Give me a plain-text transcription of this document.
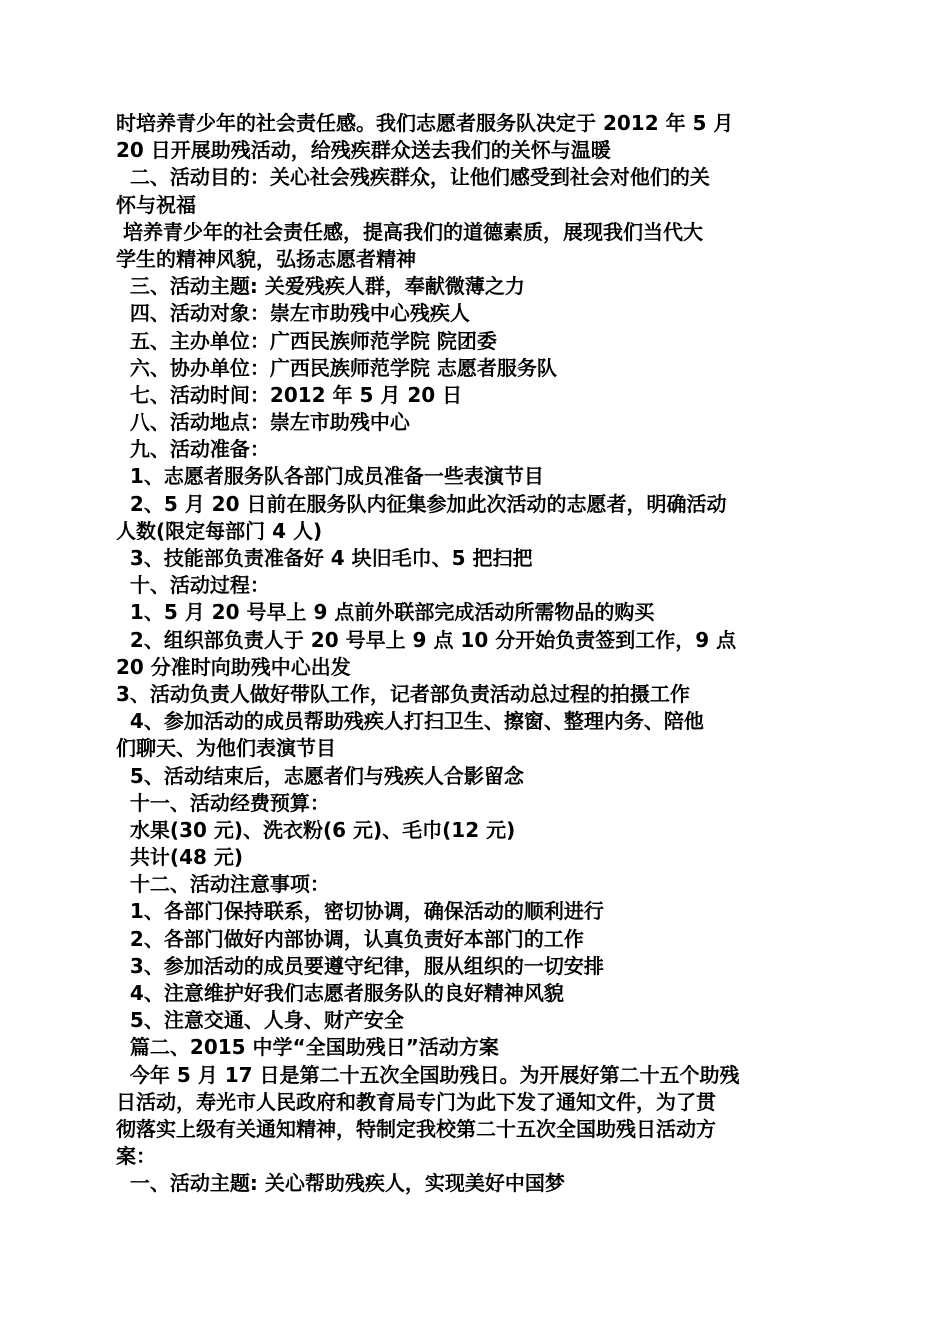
时培养青少年的社会责任感。我们志愿者服务队决定于 2012 年 5 月
20 日开展助残活动，给残疾群众送去我们的关怀与温暖
二、活动目的：关心社会残疾群众，让他们感受到社会对他们的关
怀与祝福
培养青少年的社会责任感，提高我们的道德素质，展现我们当代大
学生的精神风貌，弘扬志愿者精神
三、活动主题: 关爱残疾人群，奉献微薄之力
四、活动对象：崇左市助残中心残疾人
五、主办单位：广西民族师范学院 院团委
六、协办单位：广西民族师范学院 志愿者服务队
七、活动时间：2012 年 5 月 20 日
八、活动地点：崇左市助残中心
九、活动准备：
1、志愿者服务队各部门成员准备一些表演节目
2、5 月 20 日前在服务队内征集参加此次活动的志愿者，明确活动
人数(限定每部门 4 人)
3、技能部负责准备好 4 块旧毛巾、5 把扫把
十、活动过程：
1、5 月 20 号早上 9 点前外联部完成活动所需物品的购买
2、组织部负责人于 20 号早上 9 点 10 分开始负责签到工作，9 点
20 分准时向助残中心出发
3、活动负责人做好带队工作，记者部负责活动总过程的拍摄工作
4、参加活动的成员帮助残疾人打扫卫生、擦窗、整理内务、陪他
们聊天、为他们表演节目
5、活动结束后，志愿者们与残疾人合影留念
十一、活动经费预算：
水果(30 元)、洗衣粉(6 元)、毛巾(12 元)
共计(48 元)
十二、活动注意事项：
1、各部门保持联系，密切协调，确保活动的顺利进行
2、各部门做好内部协调，认真负责好本部门的工作
3、参加活动的成员要遵守纪律，服从组织的一切安排
4、注意维护好我们志愿者服务队的良好精神风貌
5、注意交通、人身、财产安全
篇二、2015 中学“全国助残日”活动方案
今年 5 月 17 日是第二十五次全国助残日。为开展好第二十五个助残
日活动，寿光市人民政府和教育局专门为此下发了通知文件，为了贯
彻落实上级有关通知精神，特制定我校第二十五次全国助残日活动方
案：
一、活动主题: 关心帮助残疾人，实现美好中国梦
